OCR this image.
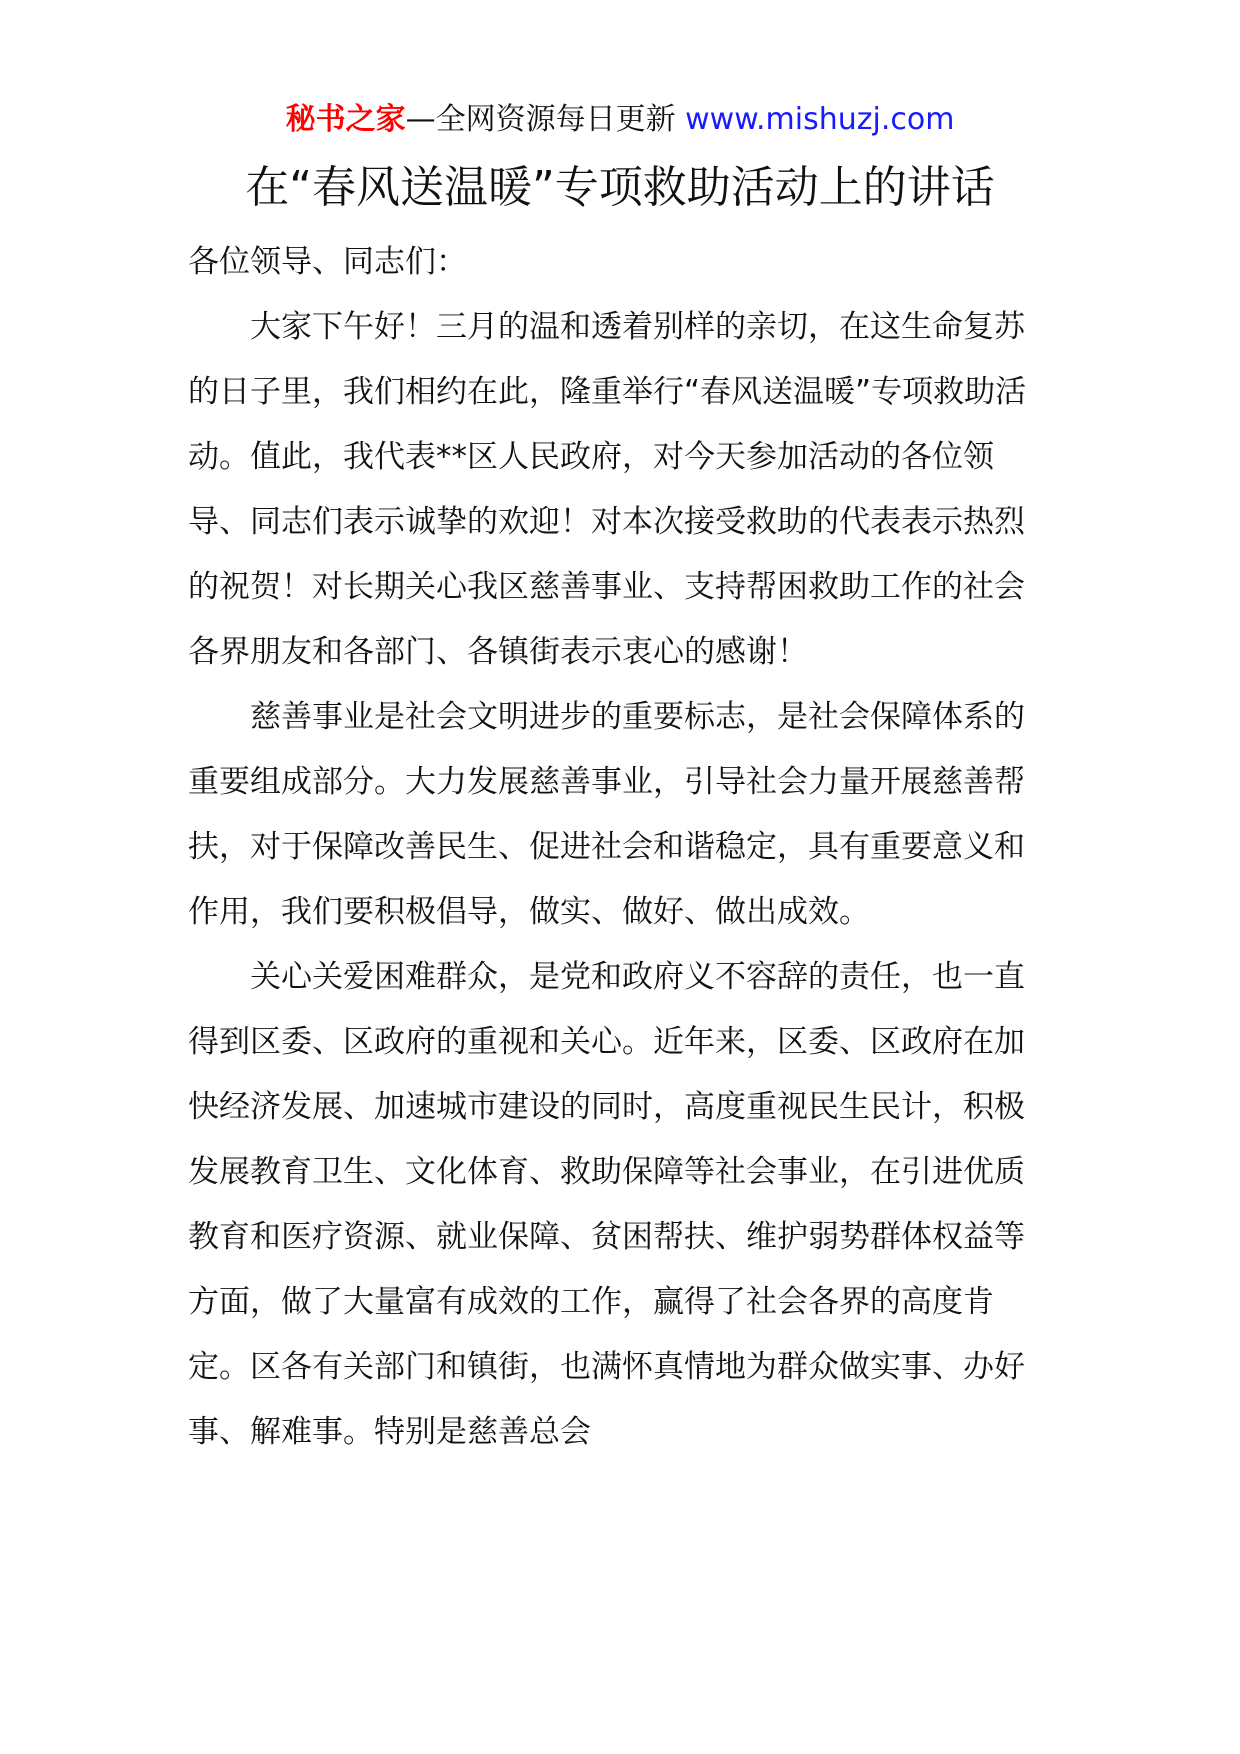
秘书之家—全网资源每日更新 www.mishuzj.com
在“春风送温暖”专项救助活动上的讲话

各位领导、同志们：

大家下午好！三月的温和透着别样的亲切，在这生命复苏的日子里，我们相约在此，隆重举行“春风送温暖”专项救助活动。值此，我代表**区人民政府，对今天参加活动的各位领导、同志们表示诚挚的欢迎！对本次接受救助的代表表示热烈的祝贺！对长期关心我区慈善事业、支持帮困救助工作的社会各界朋友和各部门、各镇街表示衷心的感谢！

慈善事业是社会文明进步的重要标志，是社会保障体系的重要组成部分。大力发展慈善事业，引导社会力量开展慈善帮扶，对于保障改善民生、促进社会和谐稳定，具有重要意义和作用，我们要积极倡导，做实、做好、做出成效。

关心关爱困难群众，是党和政府义不容辞的责任，也一直得到区委、区政府的重视和关心。近年来，区委、区政府在加快经济发展、加速城市建设的同时，高度重视民生民计，积极发展教育卫生、文化体育、救助保障等社会事业，在引进优质教育和医疗资源、就业保障、贫困帮扶、维护弱势群体权益等方面，做了大量富有成效的工作，赢得了社会各界的高度肯定。区各有关部门和镇街，也满怀真情地为群众做实事、办好事、解难事。特别是慈善总会
